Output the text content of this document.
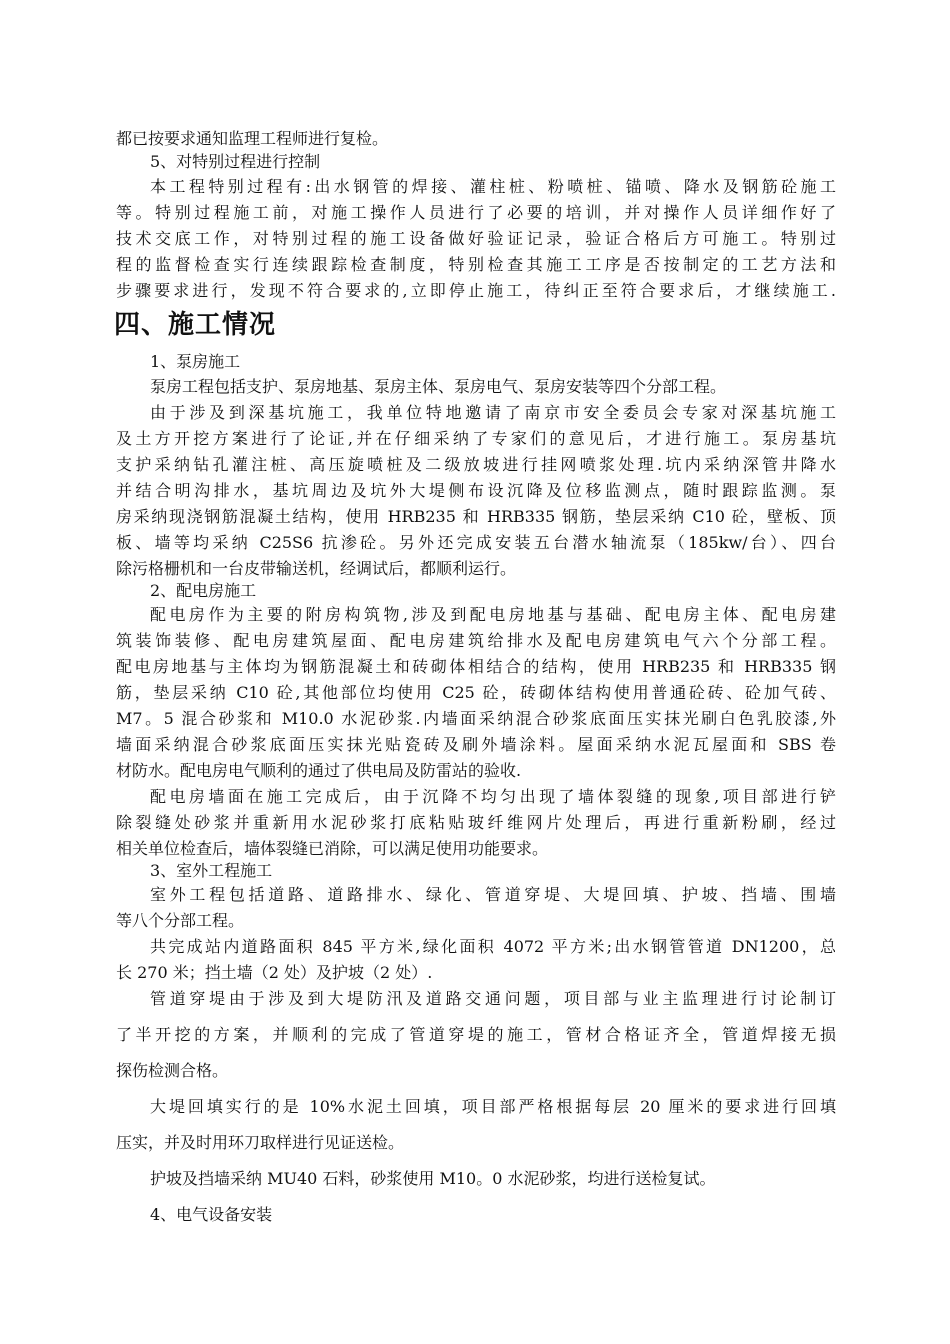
都已按要求通知监理工程师进行复检。
5、对特别过程进行控制
本工程特别过程有:出水钢管的焊接、灌柱桩、粉喷桩、锚喷、降水及钢筋砼施工
等。特别过程施工前，对施工操作人员进行了必要的培训，并对操作人员详细作好了
技术交底工作，对特别过程的施工设备做好验证记录，验证合格后方可施工。特别过
程的监督检查实行连续跟踪检查制度，特别检查其施工工序是否按制定的工艺方法和
步骤要求进行，发现不符合要求的,立即停止施工，待纠正至符合要求后，才继续施工.
四、施工情况
1、泵房施工
泵房工程包括支护、泵房地基、泵房主体、泵房电气、泵房安装等四个分部工程。
由于涉及到深基坑施工，我单位特地邀请了南京市安全委员会专家对深基坑施工
及土方开挖方案进行了论证,并在仔细采纳了专家们的意见后，才进行施工。泵房基坑
支护采纳钻孔灌注桩、高压旋喷桩及二级放坡进行挂网喷浆处理.坑内采纳深管井降水
并结合明沟排水，基坑周边及坑外大堤侧布设沉降及位移监测点，随时跟踪监测。泵
房采纳现浇钢筋混凝土结构，使用 HRB235 和 HRB335 钢筋，垫层采纳 C10 砼，壁板、顶
板、墙等均采纳 C25S6 抗渗砼。另外还完成安装五台潜水轴流泵（185kw/台）、四台
除污格栅机和一台皮带输送机，经调试后，都顺利运行。
2、配电房施工
配电房作为主要的附房构筑物,涉及到配电房地基与基础、配电房主体、配电房建
筑装饰装修、配电房建筑屋面、配电房建筑给排水及配电房建筑电气六个分部工程。
配电房地基与主体均为钢筋混凝土和砖砌体相结合的结构，使用 HRB235 和 HRB335 钢
筋，垫层采纳 C10 砼,其他部位均使用 C25 砼，砖砌体结构使用普通砼砖、砼加气砖、
M7。5 混合砂浆和 M10.0 水泥砂浆.内墙面采纳混合砂浆底面压实抹光刷白色乳胶漆,外
墙面采纳混合砂浆底面压实抹光贴瓷砖及刷外墙涂料。屋面采纳水泥瓦屋面和 SBS 卷
材防水。配电房电气顺利的通过了供电局及防雷站的验收.
配电房墙面在施工完成后，由于沉降不均匀出现了墙体裂缝的现象,项目部进行铲
除裂缝处砂浆并重新用水泥砂浆打底粘贴玻纤维网片处理后，再进行重新粉刷，经过
相关单位检查后，墙体裂缝已消除，可以满足使用功能要求。
3、室外工程施工
室外工程包括道路、道路排水、绿化、管道穿堤、大堤回填、护坡、挡墙、围墙
等八个分部工程。
共完成站内道路面积 845 平方米,绿化面积 4072 平方米;出水钢管管道 DN1200，总
长 270 米；挡土墙（2 处）及护坡（2 处）.
管道穿堤由于涉及到大堤防汛及道路交通问题，项目部与业主监理进行讨论制订
了半开挖的方案，并顺利的完成了管道穿堤的施工，管材合格证齐全，管道焊接无损
探伤检测合格。
大堤回填实行的是 10%水泥土回填，项目部严格根据每层 20 厘米的要求进行回填
压实，并及时用环刀取样进行见证送检。
护坡及挡墙采纳 MU40 石料，砂浆使用 M10。0 水泥砂浆，均进行送检复试。
4、电气设备安装
